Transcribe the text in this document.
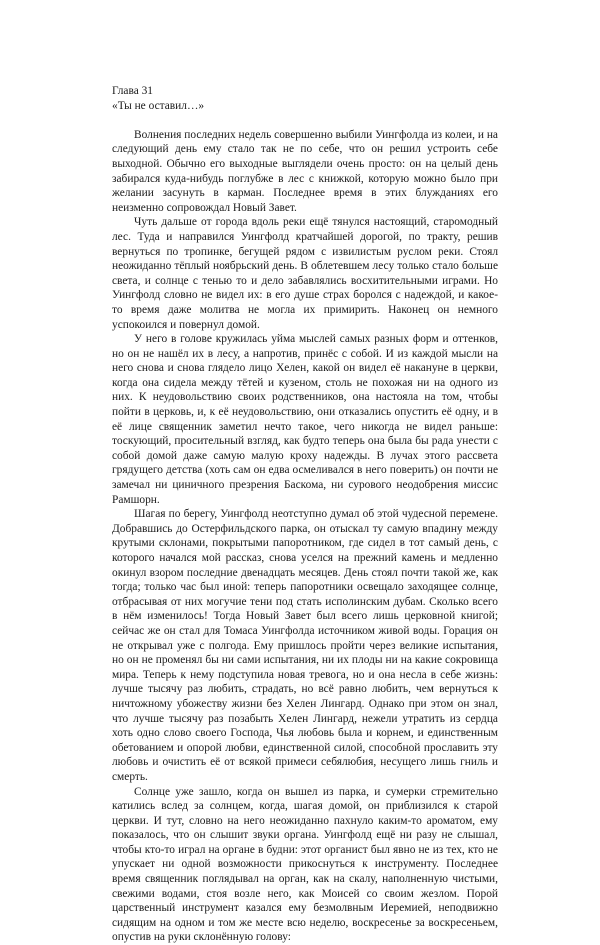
Глава 31

«Ты не оставил…»

Волнения последних недель совершенно выбили Уингфолда из колеи, и на следующий день ему стало так не по себе, что он решил устроить себе выходной. Обычно его выходные выглядели очень просто: он на целый день забирался куда-нибудь поглубже в лес с книжкой, которую можно было при желании засунуть в карман. Последнее время в этих блужданиях его неизменно сопровождал Новый Завет.

Чуть дальше от города вдоль реки ещё тянулся настоящий, старомодный лес. Туда и направился Уингфолд кратчайшей дорогой, по тракту, решив вернуться по тропинке, бегущей рядом с извилистым руслом реки. Стоял неожиданно тёплый ноябрьский день. В облетевшем лесу только стало больше света, и солнце с тенью то и дело забавлялись восхитительными играми. Но Уингфолд словно не видел их: в его душе страх боролся с надеждой, и какое-то время даже молитва не могла их примирить. Наконец он немного успокоился и повернул домой.

У него в голове кружилась уйма мыслей самых разных форм и оттенков, но он не нашёл их в лесу, а напротив, принёс с собой. И из каждой мысли на него снова и снова глядело лицо Хелен, какой он видел её накануне в церкви, когда она сидела между тётей и кузеном, столь не похожая ни на одного из них. К неудовольствию своих родственников, она настояла на том, чтобы пойти в церковь, и, к её неудовольствию, они отказались опустить её одну, и в её лице священник заметил нечто такое, чего никогда не видел раньше: тоскующий, просительный взгляд, как будто теперь она была бы рада унести с собой домой даже самую малую кроху надежды. В лучах этого рассвета грядущего детства (хоть сам он едва осмеливался в него поверить) он почти не замечал ни циничного презрения Баскома, ни сурового неодобрения миссис Рамшорн.

Шагая по берегу, Уингфолд неотступно думал об этой чудесной перемене. Добравшись до Остерфильдского парка, он отыскал ту самую впадину между крутыми склонами, покрытыми папоротником, где сидел в тот самый день, с которого начался мой рассказ, снова уселся на прежний камень и медленно окинул взором последние двенадцать месяцев. День стоял почти такой же, как тогда; только час был иной: теперь папоротники освещало заходящее солнце, отбрасывая от них могучие тени под стать исполинским дубам. Сколько всего в нём изменилось! Тогда Новый Завет был всего лишь церковной книгой; сейчас же он стал для Томаса Уингфолда источником живой воды. Горация он не открывал уже с полгода. Ему пришлось пройти через великие испытания, но он не променял бы ни сами испытания, ни их плоды ни на какие сокровища мира. Теперь к нему подступила новая тревога, но и она несла в себе жизнь: лучше тысячу раз любить, страдать, но всё равно любить, чем вернуться к ничтожному убожеству жизни без Хелен Лингард. Однако при этом он знал, что лучше тысячу раз позабыть Хелен Лингард, нежели утратить из сердца хоть одно слово своего Господа, Чья любовь была и корнем, и единственным обетованием и опорой любви, единственной силой, способной прославить эту любовь и очистить её от всякой примеси себялюбия, несущего лишь гниль и смерть.

Солнце уже зашло, когда он вышел из парка, и сумерки стремительно катились вслед за солнцем, когда, шагая домой, он приблизился к старой церкви. И тут, словно на него неожиданно пахнуло каким-то ароматом, ему показалось, что он слышит звуки органа. Уингфолд ещё ни разу не слышал, чтобы кто-то играл на органе в будни: этот органист был явно не из тех, кто не упускает ни одной возможности прикоснуться к инструменту. Последнее время священник поглядывал на орган, как на скалу, наполненную чистыми, свежими водами, стоя возле него, как Моисей со своим жезлом. Порой царственный инструмент казался ему безмолвным Иеремией, неподвижно сидящим на одном и том же месте всю неделю, воскресенье за воскресеньем, опустив на руки склонённую голову:
